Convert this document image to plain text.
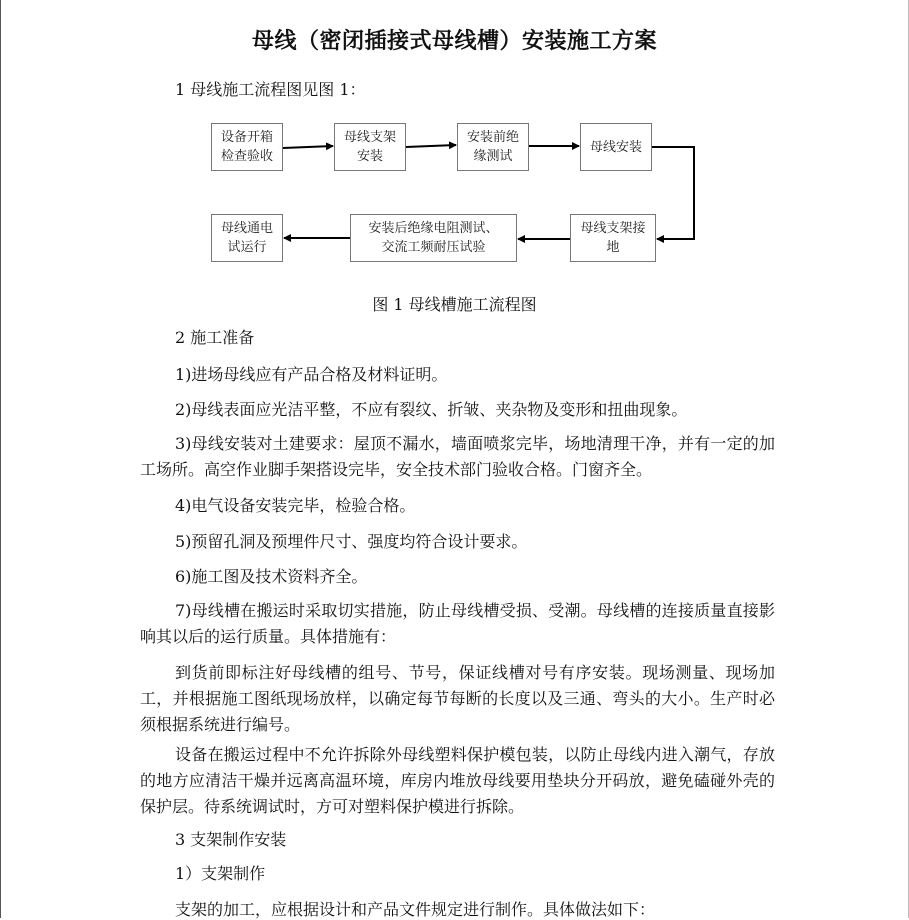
母线（密闭插接式母线槽）安装施工方案
1 母线施工流程图见图 1：
设备开箱
检查验收
母线支架
安装
安装前绝
缘测试
母线安装
母线支架接
地
安装后绝缘电阻测试、
交流工频耐压试验
母线通电
试运行
图 1 母线槽施工流程图
2 施工准备
1)进场母线应有产品合格及材料证明。
2)母线表面应光洁平整，不应有裂纹、折皱、夹杂物及变形和扭曲现象。
3)母线安装对土建要求：屋顶不漏水，墙面喷浆完毕，场地清理干净，并有一定的加工场所。高空作业脚手架搭设完毕，安全技术部门验收合格。门窗齐全。
4)电气设备安装完毕，检验合格。
5)预留孔洞及预埋件尺寸、强度均符合设计要求。
6)施工图及技术资料齐全。
7)母线槽在搬运时采取切实措施，防止母线槽受损、受潮。母线槽的连接质量直接影响其以后的运行质量。具体措施有：
到货前即标注好母线槽的组号、节号，保证线槽对号有序安装。现场测量、现场加工，并根据施工图纸现场放样，以确定每节每断的长度以及三通、弯头的大小。生产时必须根据系统进行编号。
设备在搬运过程中不允许拆除外母线塑料保护模包装，以防止母线内进入潮气，存放的地方应清洁干燥并远离高温环境，库房内堆放母线要用垫块分开码放，避免磕碰外壳的保护层。待系统调试时，方可对塑料保护模进行拆除。
3 支架制作安装
1）支架制作
支架的加工，应根据设计和产品文件规定进行制作。具体做法如下：
